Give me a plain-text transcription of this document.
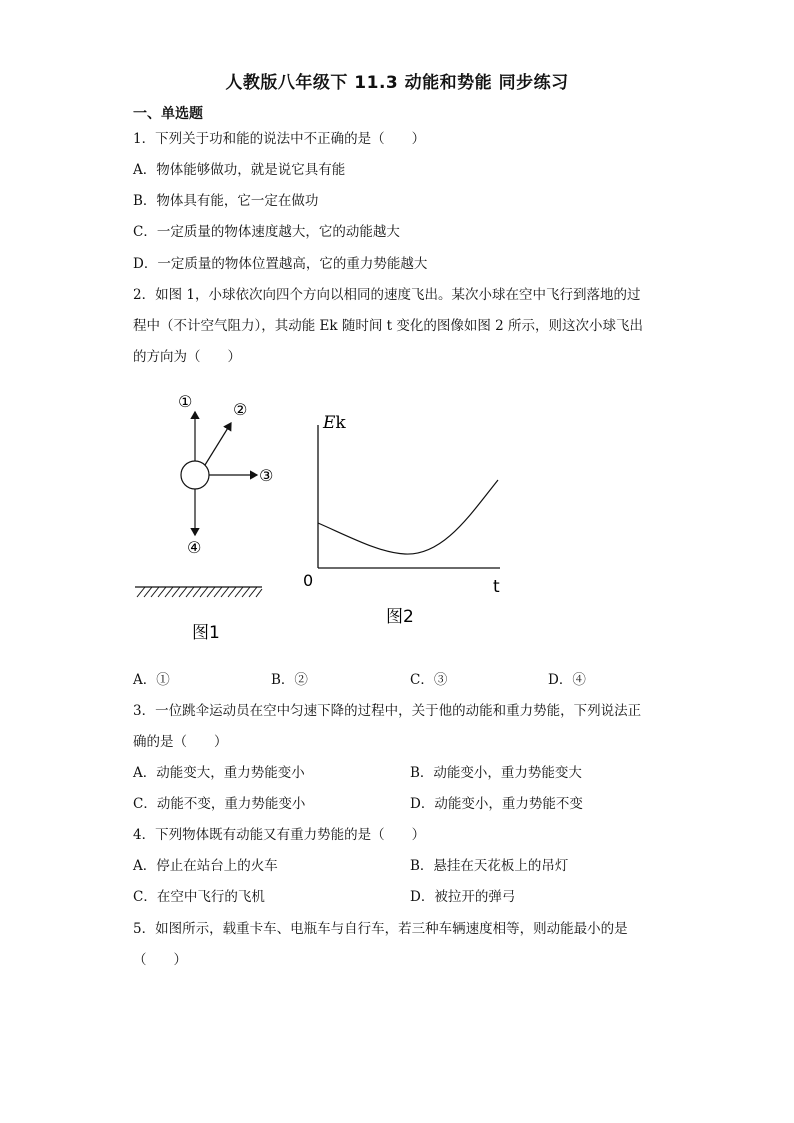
人教版八年级下 11.3 动能和势能 同步练习
一、单选题
1．下列关于功和能的说法中不正确的是（　　）
A．物体能够做功，就是说它具有能
B．物体具有能，它一定在做功
C．一定质量的物体速度越大，它的动能越大
D．一定质量的物体位置越高，它的重力势能越大
2．如图 1，小球依次向四个方向以相同的速度飞出。某次小球在空中飞行到落地的过
程中（不计空气阻力），其动能 Ek 随时间 t 变化的图像如图 2 所示，则这次小球飞出
的方向为（　　）
①	②
③
④
图1
Ek
0	t
图2
A．①	B．②	C．③	D．④
3．一位跳伞运动员在空中匀速下降的过程中，关于他的动能和重力势能，下列说法正
确的是（　　）
A．动能变大，重力势能变小	B．动能变小，重力势能变大
C．动能不变，重力势能变小	D．动能变小，重力势能不变
4．下列物体既有动能又有重力势能的是（　　）
A．停止在站台上的火车	B．悬挂在天花板上的吊灯
C．在空中飞行的飞机	D．被拉开的弹弓
5．如图所示，载重卡车、电瓶车与自行车，若三种车辆速度相等，则动能最小的是
（　　）
